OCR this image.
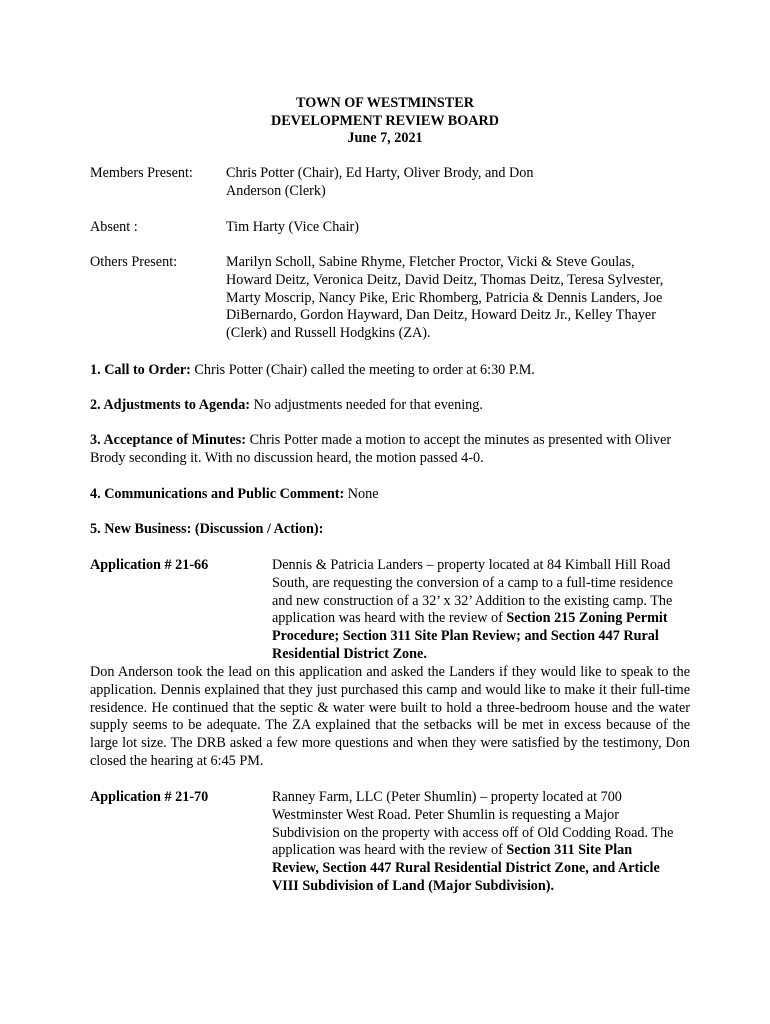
TOWN OF WESTMINSTER
DEVELOPMENT REVIEW BOARD
June 7, 2021
Members Present: Chris Potter (Chair), Ed Harty, Oliver Brody, and Don Anderson (Clerk)
Absent :	Tim Harty (Vice Chair)
Others Present:	Marilyn Scholl, Sabine Rhyme, Fletcher Proctor, Vicki & Steve Goulas, Howard Deitz, Veronica Deitz, David Deitz, Thomas Deitz, Teresa Sylvester, Marty Moscrip, Nancy Pike, Eric Rhomberg, Patricia & Dennis Landers, Joe DiBernardo, Gordon Hayward, Dan Deitz, Howard Deitz Jr., Kelley Thayer (Clerk) and Russell Hodgkins (ZA).
1. Call to Order: Chris Potter (Chair) called the meeting to order at 6:30 P.M.
2. Adjustments to Agenda: No adjustments needed for that evening.
3. Acceptance of Minutes: Chris Potter made a motion to accept the minutes as presented with Oliver Brody seconding it. With no discussion heard, the motion passed 4-0.
4. Communications and Public Comment: None
5. New Business: (Discussion / Action):
Application # 21-66	Dennis & Patricia Landers – property located at 84 Kimball Hill Road South, are requesting the conversion of a camp to a full-time residence and new construction of a 32’ x 32’ Addition to the existing camp. The application was heard with the review of Section 215 Zoning Permit Procedure; Section 311 Site Plan Review; and Section 447 Rural Residential District Zone.
Don Anderson took the lead on this application and asked the Landers if they would like to speak to the application. Dennis explained that they just purchased this camp and would like to make it their full-time residence. He continued that the septic & water were built to hold a three-bedroom house and the water supply seems to be adequate. The ZA explained that the setbacks will be met in excess because of the large lot size. The DRB asked a few more questions and when they were satisfied by the testimony, Don closed the hearing at 6:45 PM.
Application # 21-70	Ranney Farm, LLC (Peter Shumlin) – property located at 700 Westminster West Road. Peter Shumlin is requesting a Major Subdivision on the property with access off of Old Codding Road. The application was heard with the review of Section 311 Site Plan Review, Section 447 Rural Residential District Zone, and Article VIII Subdivision of Land (Major Subdivision).
